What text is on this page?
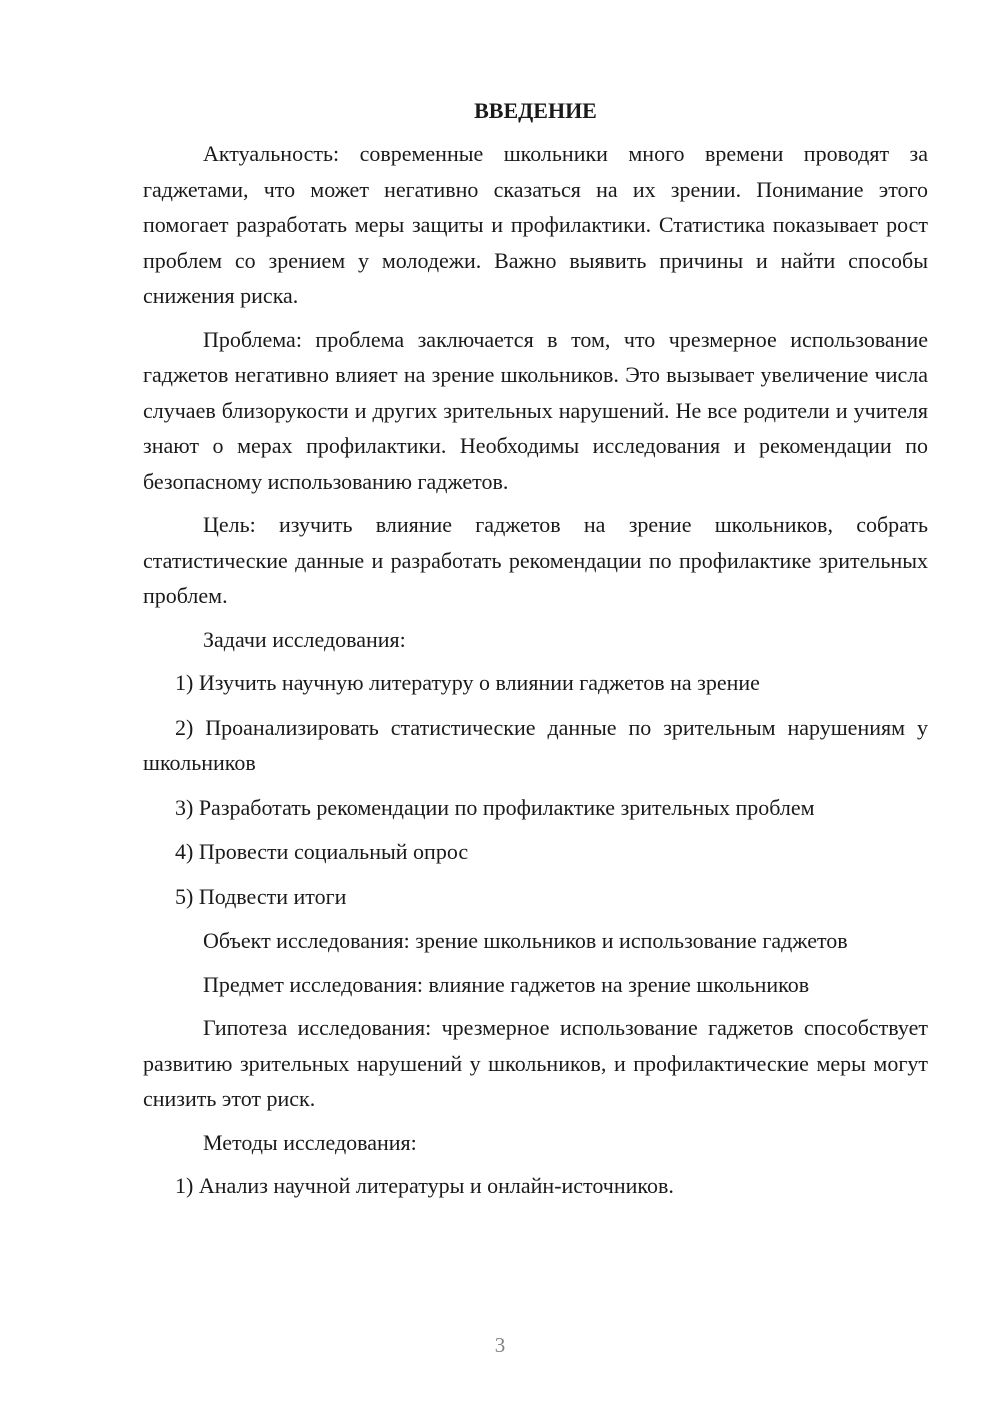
ВВЕДЕНИЕ

Актуальность: современные школьники много времени проводят за гаджетами, что может негативно сказаться на их зрении. Понимание этого помогает разработать меры защиты и профилактики. Статистика показывает рост проблем со зрением у молодежи. Важно выявить причины и найти способы снижения риска.

Проблема: проблема заключается в том, что чрезмерное использование гаджетов негативно влияет на зрение школьников. Это вызывает увеличение числа случаев близорукости и других зрительных нарушений. Не все родители и учителя знают о мерах профилактики. Необходимы исследования и рекомендации по безопасному использованию гаджетов.

Цель: изучить влияние гаджетов на зрение школьников, собрать статистические данные и разработать рекомендации по профилактике зрительных проблем.

Задачи исследования:

1) Изучить научную литературу о влиянии гаджетов на зрение

2) Проанализировать статистические данные по зрительным нарушениям у школьников

3) Разработать рекомендации по профилактике зрительных проблем

4) Провести социальный опрос

5) Подвести итоги

Объект исследования: зрение школьников и использование гаджетов

Предмет исследования: влияние гаджетов на зрение школьников

Гипотеза исследования: чрезмерное использование гаджетов способствует развитию зрительных нарушений у школьников, и профилактические меры могут снизить этот риск.

Методы исследования:

1) Анализ научной литературы и онлайн-источников.

3
